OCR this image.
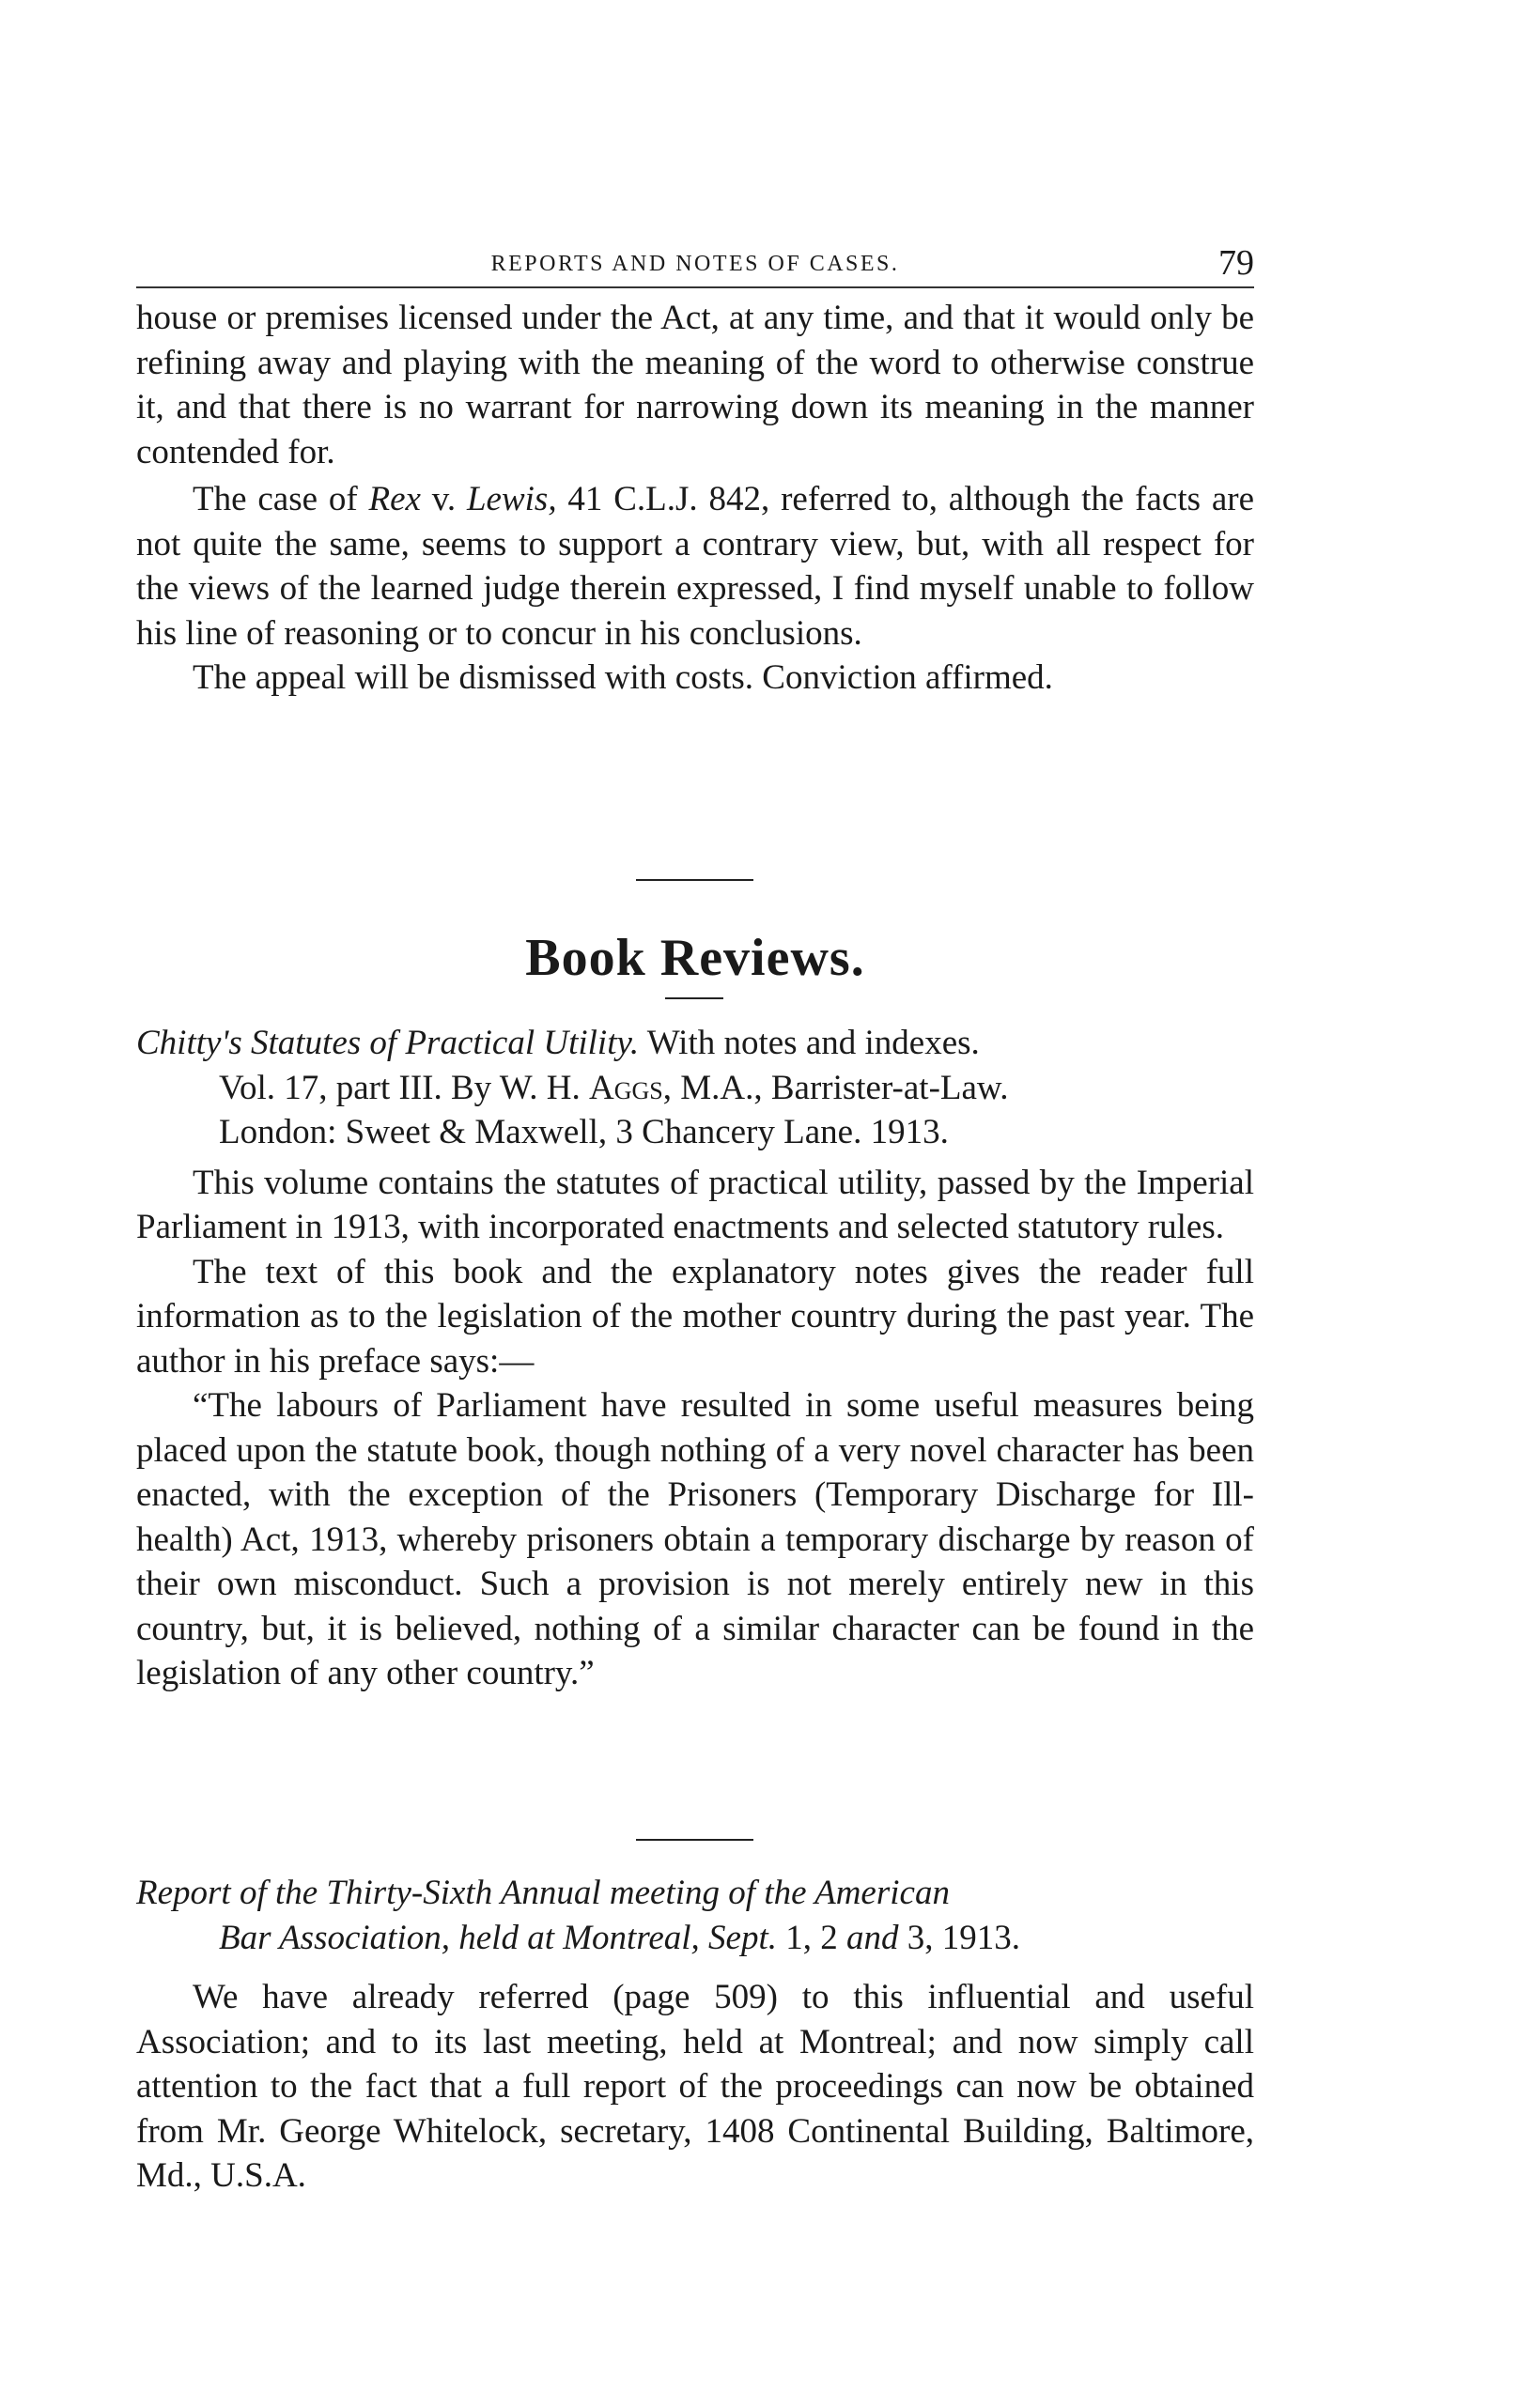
REPORTS AND NOTES OF CASES.	79

house or premises licensed under the Act, at any time, and that it would only be refining away and playing with the meaning of the word to otherwise construe it, and that there is no warrant for narrowing down its meaning in the manner contended for.

The case of Rex v. Lewis, 41 C.L.J. 842, referred to, although the facts are not quite the same, seems to support a contrary view, but, with all respect for the views of the learned judge therein expressed, I find myself unable to follow his line of reasoning or to concur in his conclusions.

The appeal will be dismissed with costs. Conviction affirmed.

Book Reviews.
Chitty's Statutes of Practical Utility. With notes and indexes.
Vol. 17, part III. By W. H. Aggs, M.A., Barrister-at-Law.
London: Sweet & Maxwell, 3 Chancery Lane. 1913.

This volume contains the statutes of practical utility, passed by the Imperial Parliament in 1913, with incorporated enactments and selected statutory rules.

The text of this book and the explanatory notes gives the reader full information as to the legislation of the mother country during the past year. The author in his preface says:—

“The labours of Parliament have resulted in some useful measures being placed upon the statute book, though nothing of a very novel character has been enacted, with the exception of the Prisoners (Temporary Discharge for Ill-health) Act, 1913, whereby prisoners obtain a temporary discharge by reason of their own misconduct. Such a provision is not merely entirely new in this country, but, it is believed, nothing of a similar character can be found in the legislation of any other country.”

Report of the Thirty-Sixth Annual meeting of the American
Bar Association, held at Montreal, Sept. 1, 2 and 3, 1913.

We have already referred (page 509) to this influential and useful Association; and to its last meeting, held at Montreal; and now simply call attention to the fact that a full report of the proceedings can now be obtained from Mr. George Whitelock, secretary, 1408 Continental Building, Baltimore, Md., U.S.A.
